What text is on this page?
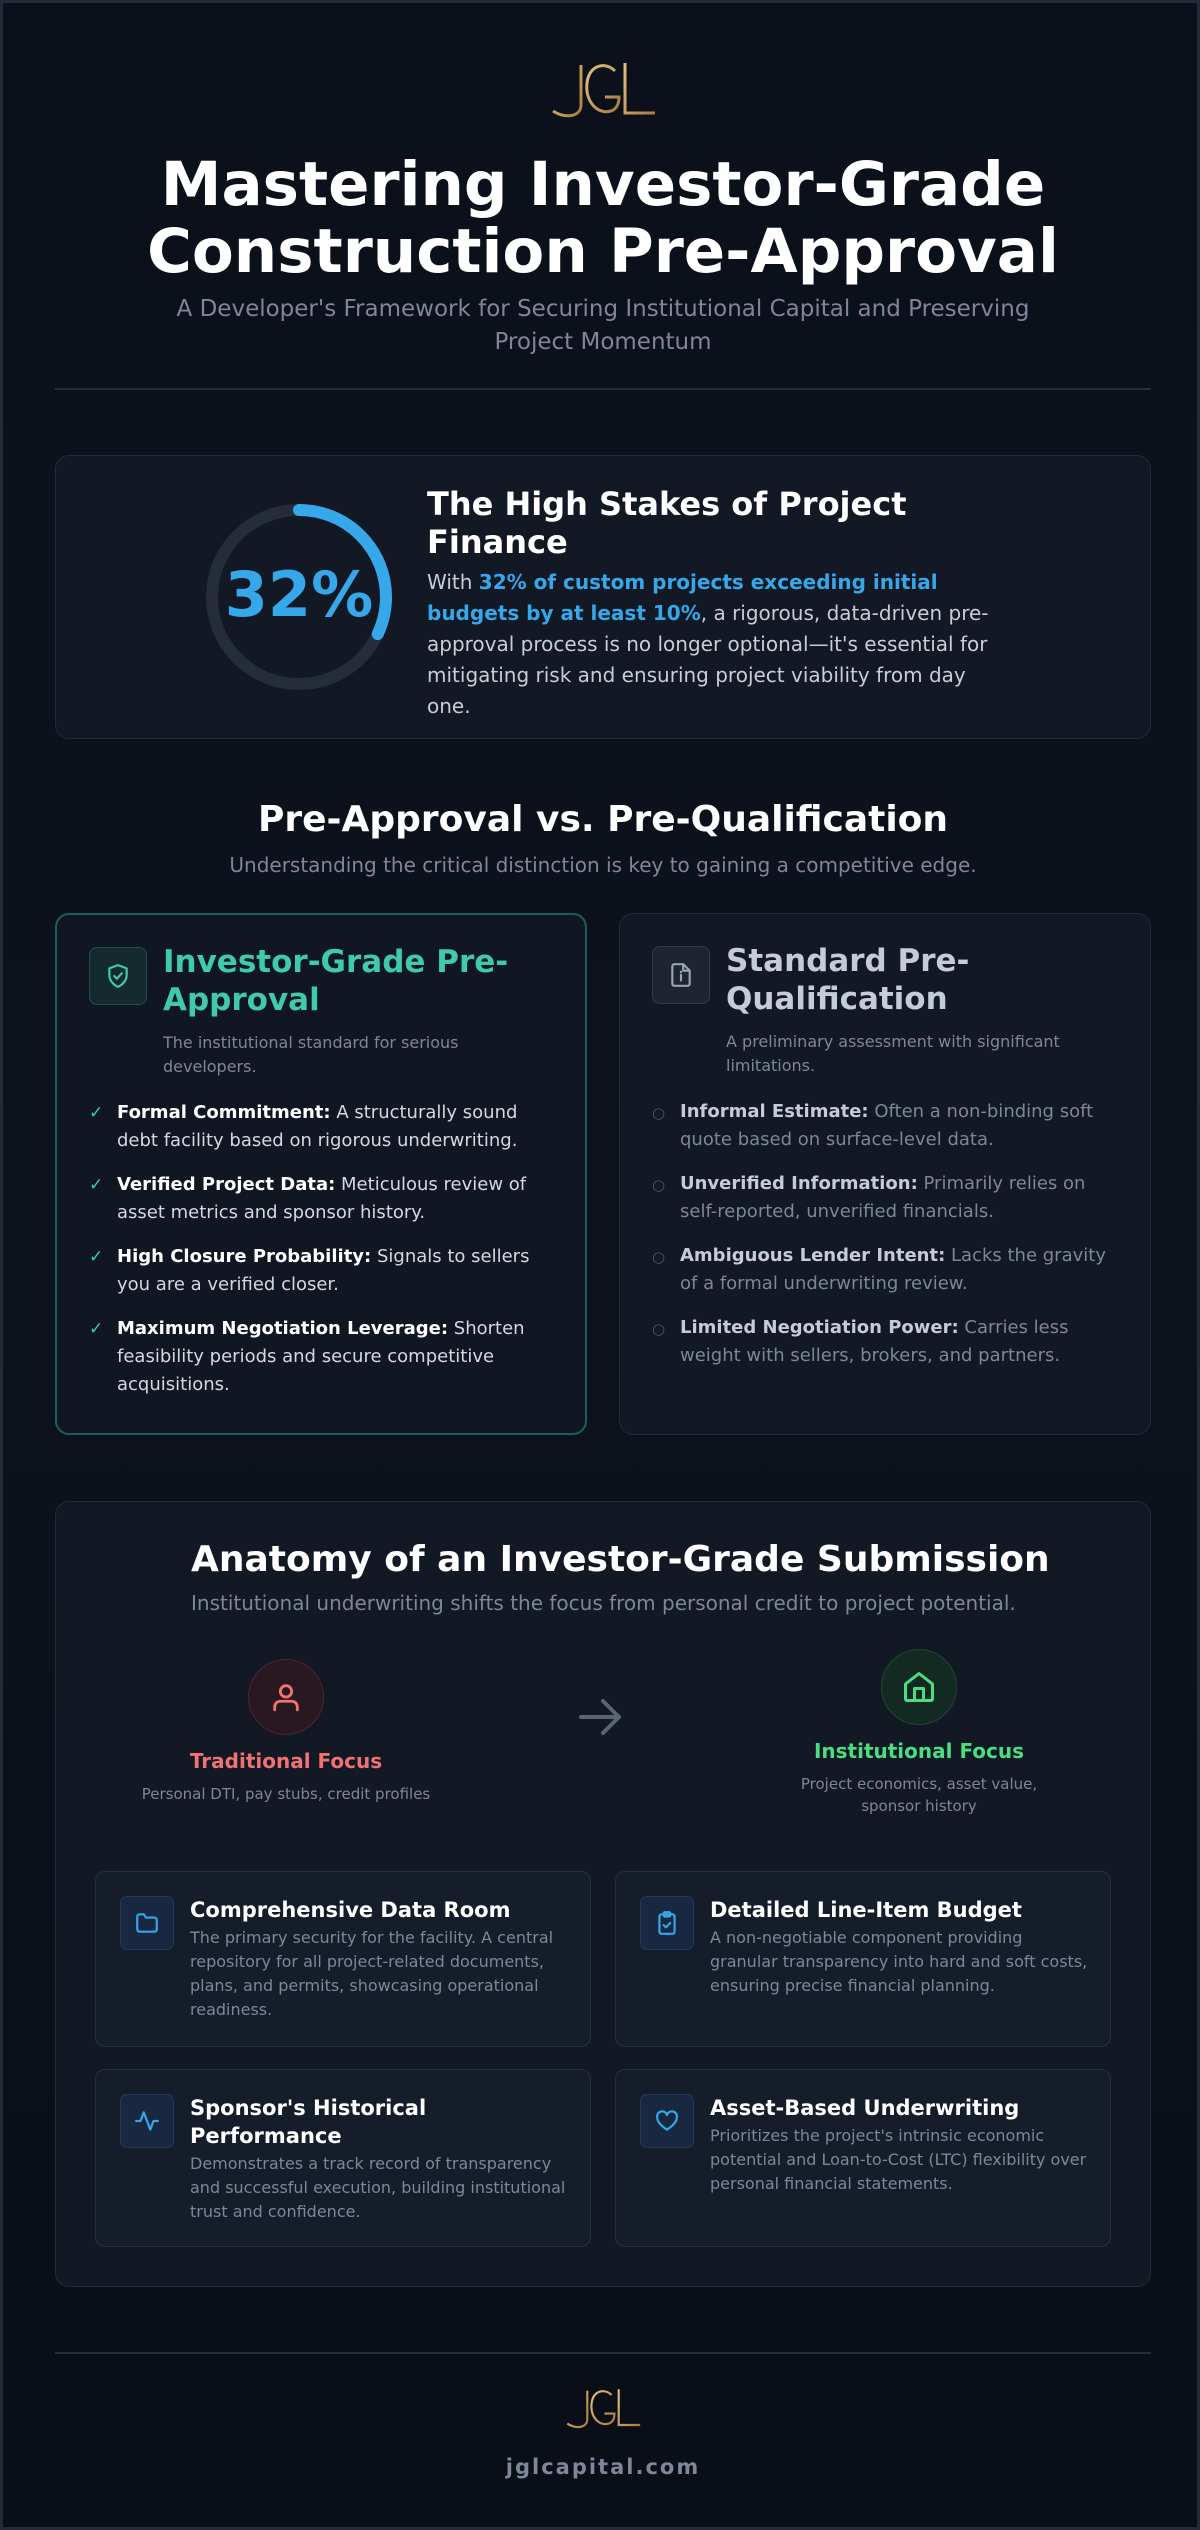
Mastering Investor-Grade
Construction Pre-Approval
A Developer's Framework for Securing Institutional Capital and Preserving Project Momentum
32%
The High Stakes of Project Finance
With 32% of custom projects exceeding initial budgets by at least 10%, a rigorous, data-driven pre-approval process is no longer optional—it's essential for mitigating risk and ensuring project viability from day one.
Pre-Approval vs. Pre-Qualification
Understanding the critical distinction is key to gaining a competitive edge.
Investor-Grade Pre-Approval
The institutional standard for serious developers.
✓ Formal Commitment: A structurally sound debt facility based on rigorous underwriting.
✓ Verified Project Data: Meticulous review of asset metrics and sponsor history.
✓ High Closure Probability: Signals to sellers you are a verified closer.
✓ Maximum Negotiation Leverage: Shorten feasibility periods and secure competitive acquisitions.
Standard Pre-Qualification
A preliminary assessment with significant limitations.
○ Informal Estimate: Often a non-binding soft quote based on surface-level data.
○ Unverified Information: Primarily relies on self-reported, unverified financials.
○ Ambiguous Lender Intent: Lacks the gravity of a formal underwriting review.
○ Limited Negotiation Power: Carries less weight with sellers, brokers, and partners.
Anatomy of an Investor-Grade Submission
Institutional underwriting shifts the focus from personal credit to project potential.
Traditional Focus
Personal DTI, pay stubs, credit profiles
Institutional Focus
Project economics, asset value, sponsor history
Comprehensive Data Room
The primary security for the facility. A central repository for all project-related documents, plans, and permits, showcasing operational readiness.
Detailed Line-Item Budget
A non-negotiable component providing granular transparency into hard and soft costs, ensuring precise financial planning.
Sponsor's Historical Performance
Demonstrates a track record of transparency and successful execution, building institutional trust and confidence.
Asset-Based Underwriting
Prioritizes the project's intrinsic economic potential and Loan-to-Cost (LTC) flexibility over personal financial statements.
jglcapital.com
